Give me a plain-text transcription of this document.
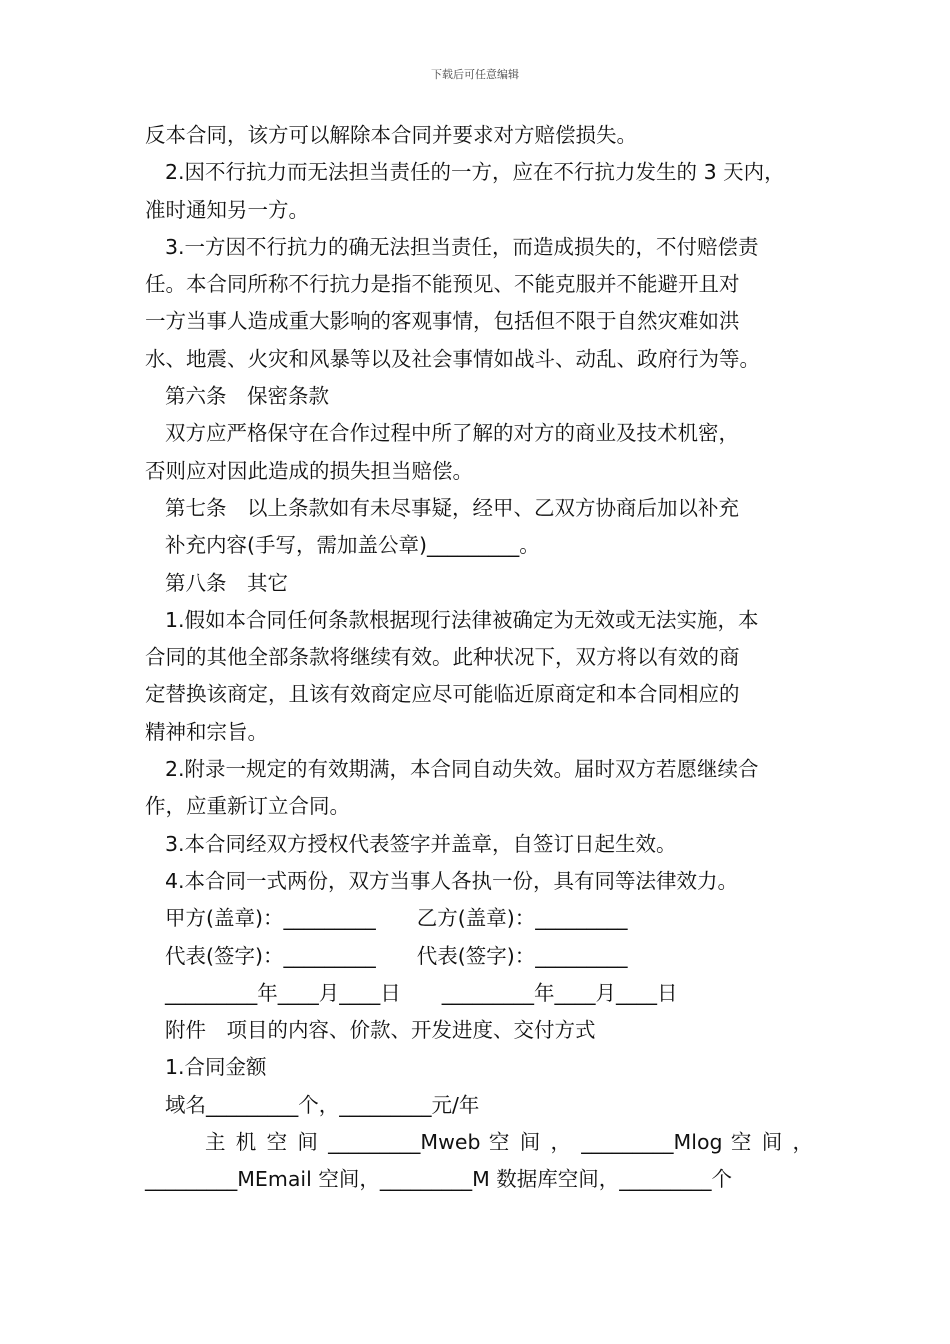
下载后可任意编辑
反本合同，该方可以解除本合同并要求对方赔偿损失。
2.因不行抗力而无法担当责任的一方，应在不行抗力发生的 3 天内，
准时通知另一方。
3.一方因不行抗力的确无法担当责任，而造成损失的，不付赔偿责
任。本合同所称不行抗力是指不能预见、不能克服并不能避开且对
一方当事人造成重大影响的客观事情，包括但不限于自然灾难如洪
水、地震、火灾和风暴等以及社会事情如战斗、动乱、政府行为等。
第六条　保密条款
双方应严格保守在合作过程中所了解的对方的商业及技术机密，
否则应对因此造成的损失担当赔偿。
第七条　以上条款如有未尽事疑，经甲、乙双方协商后加以补充
补充内容(手写，需加盖公章)_________。
第八条　其它
1.假如本合同任何条款根据现行法律被确定为无效或无法实施，本
合同的其他全部条款将继续有效。此种状况下，双方将以有效的商
定替换该商定，且该有效商定应尽可能临近原商定和本合同相应的
精神和宗旨。
2.附录一规定的有效期满，本合同自动失效。届时双方若愿继续合
作，应重新订立合同。
3.本合同经双方授权代表签字并盖章，自签订日起生效。
4.本合同一式两份，双方当事人各执一份，具有同等法律效力。
甲方(盖章)：_________　　乙方(盖章)：_________
代表(签字)：_________　　代表(签字)：_________
_________年____月____日　　_________年____月____日
附件　项目的内容、价款、开发进度、交付方式
1.合同金额
域名_________个，_________元/年
主 机 空 间 _________Mweb 空 间 ， _________Mlog 空 间 ，
_________MEmail 空间，_________M 数据库空间，_________个
